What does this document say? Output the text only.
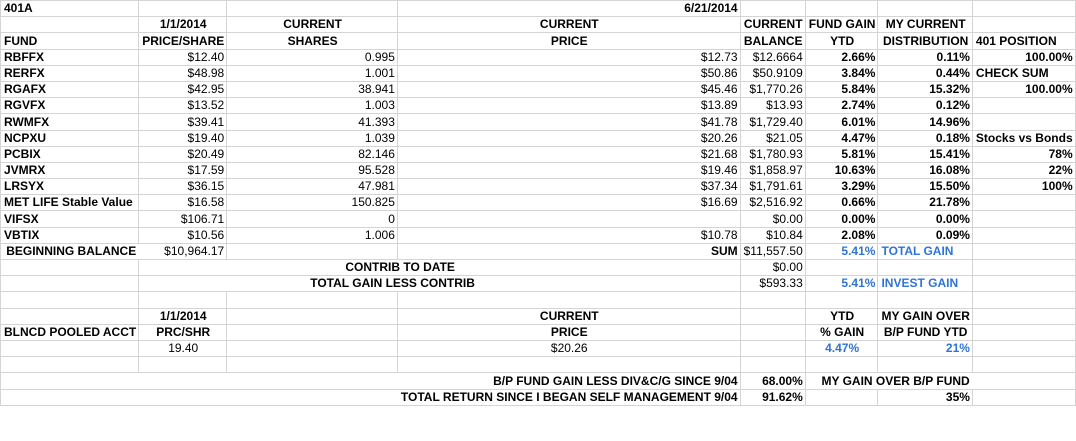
401A			6/21/2014				
	1/1/2014	CURRENT	CURRENT	CURRENT	FUND GAIN	MY CURRENT	
FUND	PRICE/SHARE	SHARES	PRICE	BALANCE	YTD	DISTRIBUTION	401 POSITION
RBFFX	$12.40	0.995	$12.73	$12.6664	2.66%	0.11%	100.00%
RERFX	$48.98	1.001	$50.86	$50.9109	3.84%	0.44%	CHECK SUM
RGAFX	$42.95	38.941	$45.46	$1,770.26	5.84%	15.32%	100.00%
RGVFX	$13.52	1.003	$13.89	$13.93	2.74%	0.12%	
RWMFX	$39.41	41.393	$41.78	$1,729.40	6.01%	14.96%	
NCPXU	$19.40	1.039	$20.26	$21.05	4.47%	0.18%	Stocks vs Bonds
PCBIX	$20.49	82.146	$21.68	$1,780.93	5.81%	15.41%	78%
JVMRX	$17.59	95.528	$19.46	$1,858.97	10.63%	16.08%	22%
LRSYX	$36.15	47.981	$37.34	$1,791.61	3.29%	15.50%	100%
MET LIFE Stable Value	$16.58	150.825	$16.69	$2,516.92	0.66%	21.78%	
VIFSX	$106.71	0		$0.00	0.00%	0.00%	
VBTIX	$10.56	1.006	$10.78	$10.84	2.08%	0.09%	
BEGINNING BALANCE	$10,964.17		SUM	$11,557.50	5.41%	TOTAL GAIN	
		CONTRIB TO DATE		$0.00			
		TOTAL GAIN LESS CONTRIB		$593.33	5.41%	INVEST GAIN	

	1/1/2014		CURRENT		YTD	MY GAIN OVER	
BLNCD POOLED ACCT	PRC/SHR		PRICE		% GAIN	B/P FUND YTD	
	19.40		$20.26		4.47%	21%	

			B/P FUND GAIN LESS DIV&C/G SINCE 9/04	68.00%		MY GAIN OVER B/P FUND	
			TOTAL RETURN SINCE I BEGAN SELF MANAGEMENT 9/04	91.62%		35%	
